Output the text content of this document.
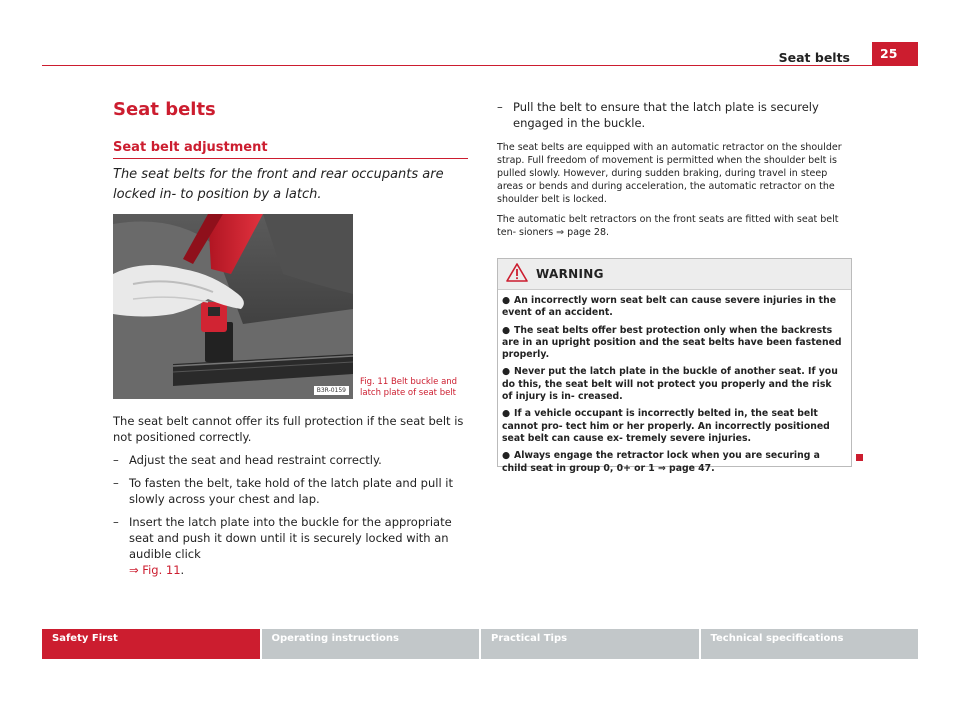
Seat belts	25
Seat belts
Seat belt adjustment
The seat belts for the front and rear occupants are locked in- to position by a latch.
B3R-0159
Fig. 11 Belt buckle and latch plate of seat belt

The seat belt cannot offer its full protection if the seat belt is not positioned correctly.

– Adjust the seat and head restraint correctly.
– To fasten the belt, take hold of the latch plate and pull it slowly across your chest and lap.
– Insert the latch plate into the buckle for the appropriate seat and push it down until it is securely locked with an audible click
⇒ Fig. 11.
– Pull the belt to ensure that the latch plate is securely engaged in the buckle.

The seat belts are equipped with an automatic retractor on the shoulder strap. Full freedom of movement is permitted when the shoulder belt is pulled slowly. However, during sudden braking, during travel in steep areas or bends and during acceleration, the automatic retractor on the shoulder belt is locked.

The automatic belt retractors on the front seats are fitted with seat belt ten- sioners ⇒ page 28.

WARNING
● An incorrectly worn seat belt can cause severe injuries in the event of an accident.
● The seat belts offer best protection only when the backrests are in an upright position and the seat belts have been fastened properly.
● Never put the latch plate in the buckle of another seat. If you do this, the seat belt will not protect you properly and the risk of injury is in- creased.
● If a vehicle occupant is incorrectly belted in, the seat belt cannot pro- tect him or her properly. An incorrectly positioned seat belt can cause ex- tremely severe injuries.
● Always engage the retractor lock when you are securing a child seat in group 0, 0+ or 1 ⇒ page 47.
Safety First	Operating instructions	Practical Tips	Technical specifications
